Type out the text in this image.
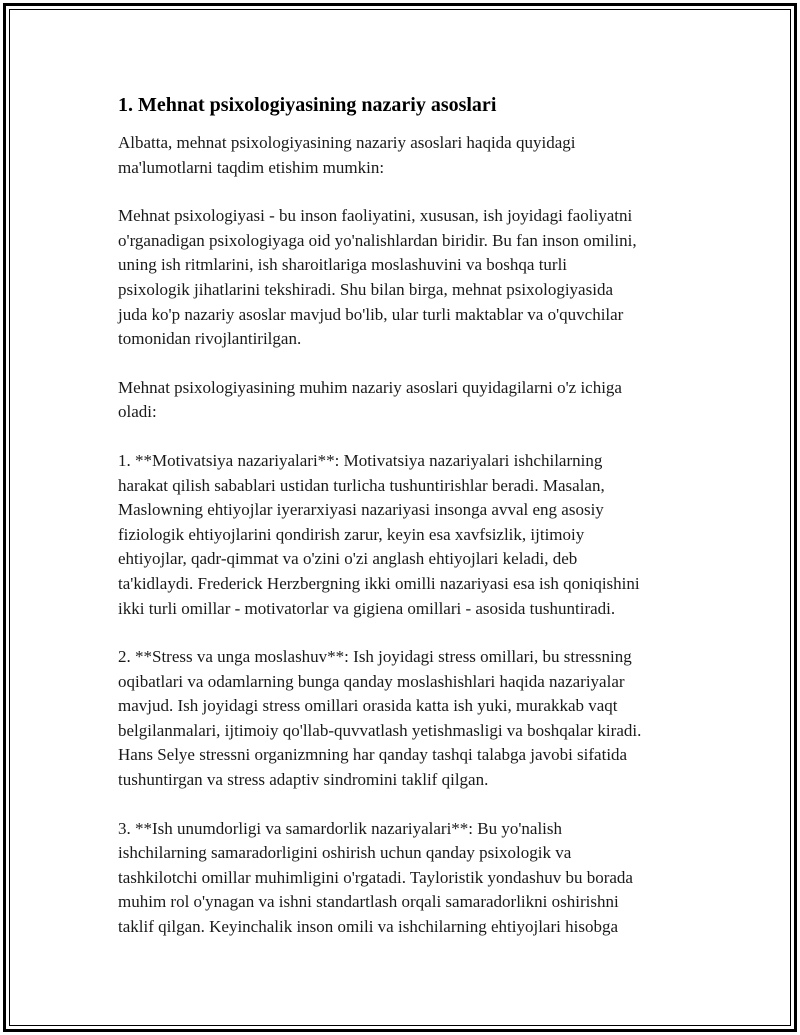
1. Mehnat psixologiyasining nazariy asoslari

Albatta, mehnat psixologiyasining nazariy asoslari haqida quyidagi
ma'lumotlarni taqdim etishim mumkin:

Mehnat psixologiyasi - bu inson faoliyatini, xususan, ish joyidagi faoliyatni
o'rganadigan psixologiyaga oid yo'nalishlardan biridir. Bu fan inson omilini,
uning ish ritmlarini, ish sharoitlariga moslashuvini va boshqa turli
psixologik jihatlarini tekshiradi. Shu bilan birga, mehnat psixologiyasida
juda ko'p nazariy asoslar mavjud bo'lib, ular turli maktablar va o'quvchilar
tomonidan rivojlantirilgan.

Mehnat psixologiyasining muhim nazariy asoslari quyidagilarni o'z ichiga
oladi:

1. **Motivatsiya nazariyalari**: Motivatsiya nazariyalari ishchilarning
harakat qilish sabablari ustidan turlicha tushuntirishlar beradi. Masalan,
Maslowning ehtiyojlar iyerarxiyasi nazariyasi insonga avval eng asosiy
fiziologik ehtiyojlarini qondirish zarur, keyin esa xavfsizlik, ijtimoiy
ehtiyojlar, qadr-qimmat va o'zini o'zi anglash ehtiyojlari keladi, deb
ta'kidlaydi. Frederick Herzbergning ikki omilli nazariyasi esa ish qoniqishini
ikki turli omillar - motivatorlar va gigiena omillari - asosida tushuntiradi.

2. **Stress va unga moslashuv**: Ish joyidagi stress omillari, bu stressning
oqibatlari va odamlarning bunga qanday moslashishlari haqida nazariyalar
mavjud. Ish joyidagi stress omillari orasida katta ish yuki, murakkab vaqt
belgilanmalari, ijtimoiy qo'llab-quvvatlash yetishmasligi va boshqalar kiradi.
Hans Selye stressni organizmning har qanday tashqi talabga javobi sifatida
tushuntirgan va stress adaptiv sindromini taklif qilgan.

3. **Ish unumdorligi va samardorlik nazariyalari**: Bu yo'nalish
ishchilarning samaradorligini oshirish uchun qanday psixologik va
tashkilotchi omillar muhimligini o'rgatadi. Tayloristik yondashuv bu borada
muhim rol o'ynagan va ishni standartlash orqali samaradorlikni oshirishni
taklif qilgan. Keyinchalik inson omili va ishchilarning ehtiyojlari hisobga
